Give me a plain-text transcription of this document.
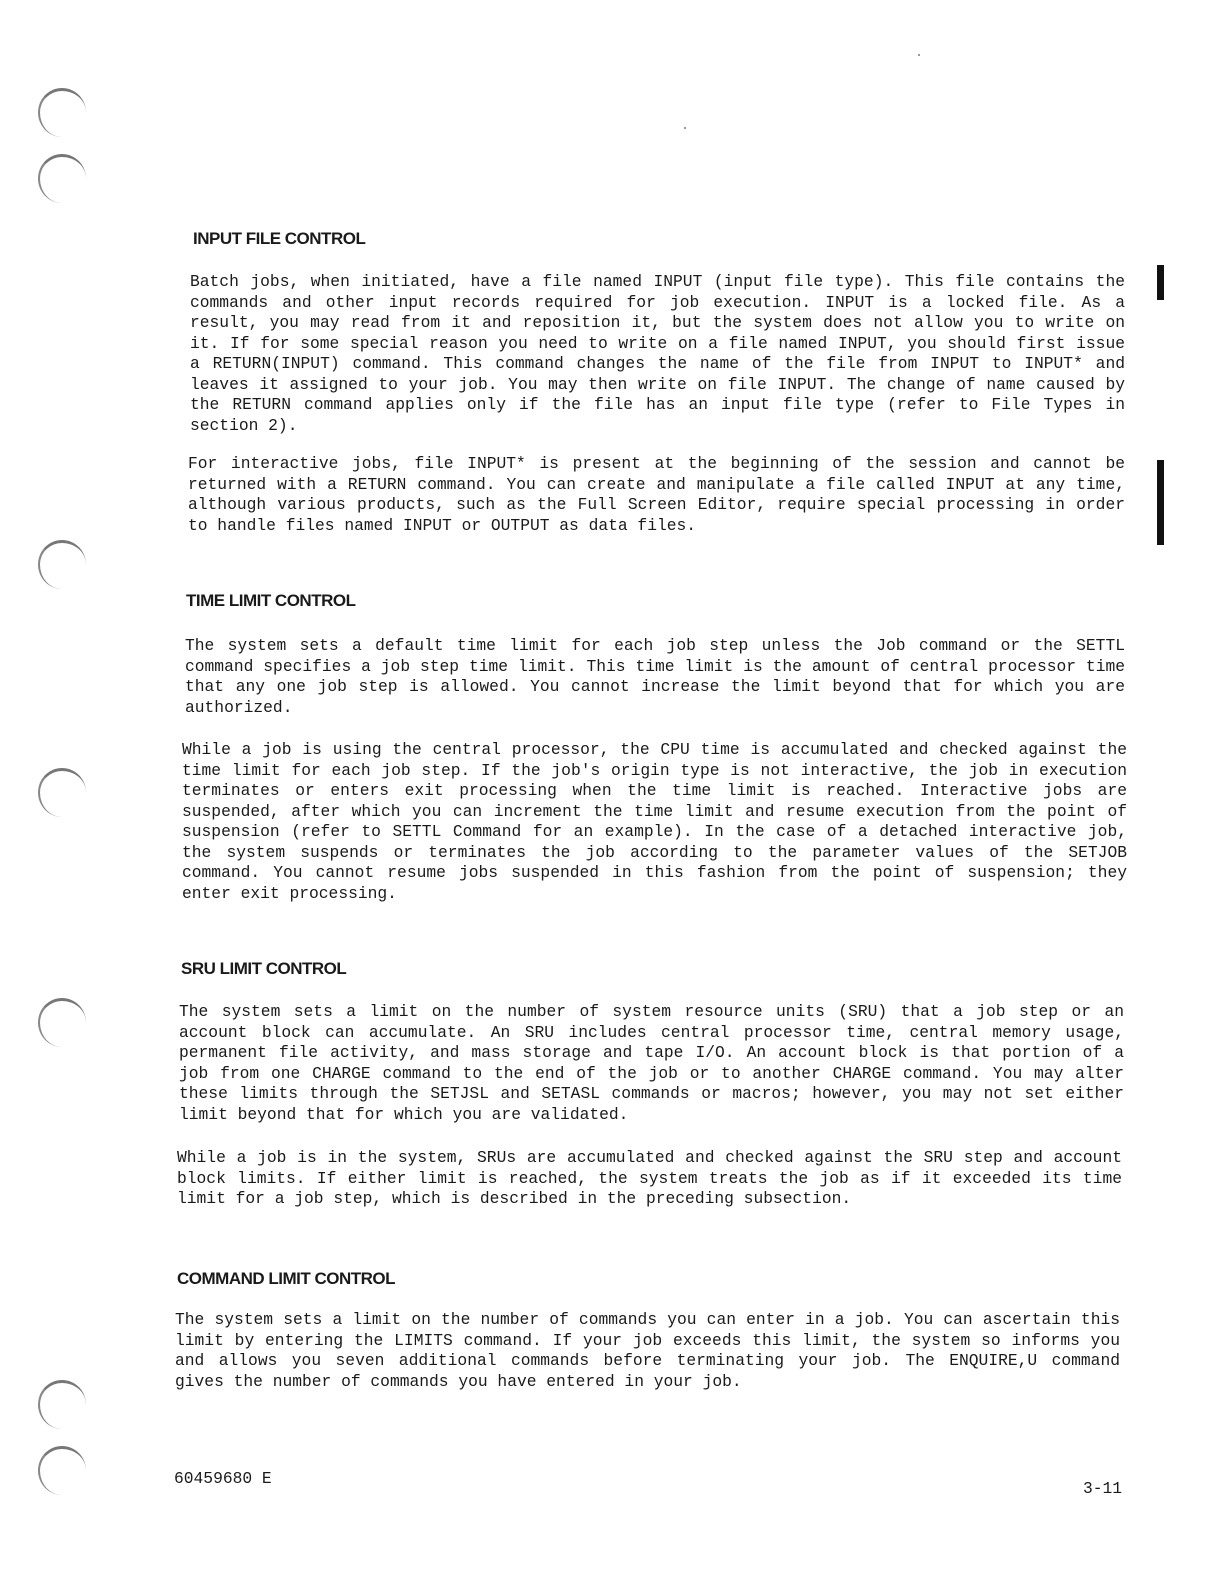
INPUT FILE CONTROL

Batch jobs, when initiated, have a file named INPUT (input file type). This file contains the commands and other input records required for job execution. INPUT is a locked file. As a result, you may read from it and reposition it, but the system does not allow you to write on it. If for some special reason you need to write on a file named INPUT, you should first issue a RETURN(INPUT) command. This command changes the name of the file from INPUT to INPUT* and leaves it assigned to your job. You may then write on file INPUT. The change of name caused by the RETURN command applies only if the file has an input file type (refer to File Types in section 2).

For interactive jobs, file INPUT* is present at the beginning of the session and cannot be returned with a RETURN command. You can create and manipulate a file called INPUT at any time, although various products, such as the Full Screen Editor, require special processing in order to handle files named INPUT or OUTPUT as data files.

TIME LIMIT CONTROL

The system sets a default time limit for each job step unless the Job command or the SETTL command specifies a job step time limit. This time limit is the amount of central processor time that any one job step is allowed. You cannot increase the limit beyond that for which you are authorized.

While a job is using the central processor, the CPU time is accumulated and checked against the time limit for each job step. If the job's origin type is not interactive, the job in execution terminates or enters exit processing when the time limit is reached. Interactive jobs are suspended, after which you can increment the time limit and resume execution from the point of suspension (refer to SETTL Command for an example). In the case of a detached interactive job, the system suspends or terminates the job according to the parameter values of the SETJOB command. You cannot resume jobs suspended in this fashion from the point of suspension; they enter exit processing.

SRU LIMIT CONTROL

The system sets a limit on the number of system resource units (SRU) that a job step or an account block can accumulate. An SRU includes central processor time, central memory usage, permanent file activity, and mass storage and tape I/O. An account block is that portion of a job from one CHARGE command to the end of the job or to another CHARGE command. You may alter these limits through the SETJSL and SETASL commands or macros; however, you may not set either limit beyond that for which you are validated.

While a job is in the system, SRUs are accumulated and checked against the SRU step and account block limits. If either limit is reached, the system treats the job as if it exceeded its time limit for a job step, which is described in the preceding subsection.

COMMAND LIMIT CONTROL

The system sets a limit on the number of commands you can enter in a job. You can ascertain this limit by entering the LIMITS command. If your job exceeds this limit, the system so informs you and allows you seven additional commands before terminating your job. The ENQUIRE,U command gives the number of commands you have entered in your job.

60459680 E

3-11
